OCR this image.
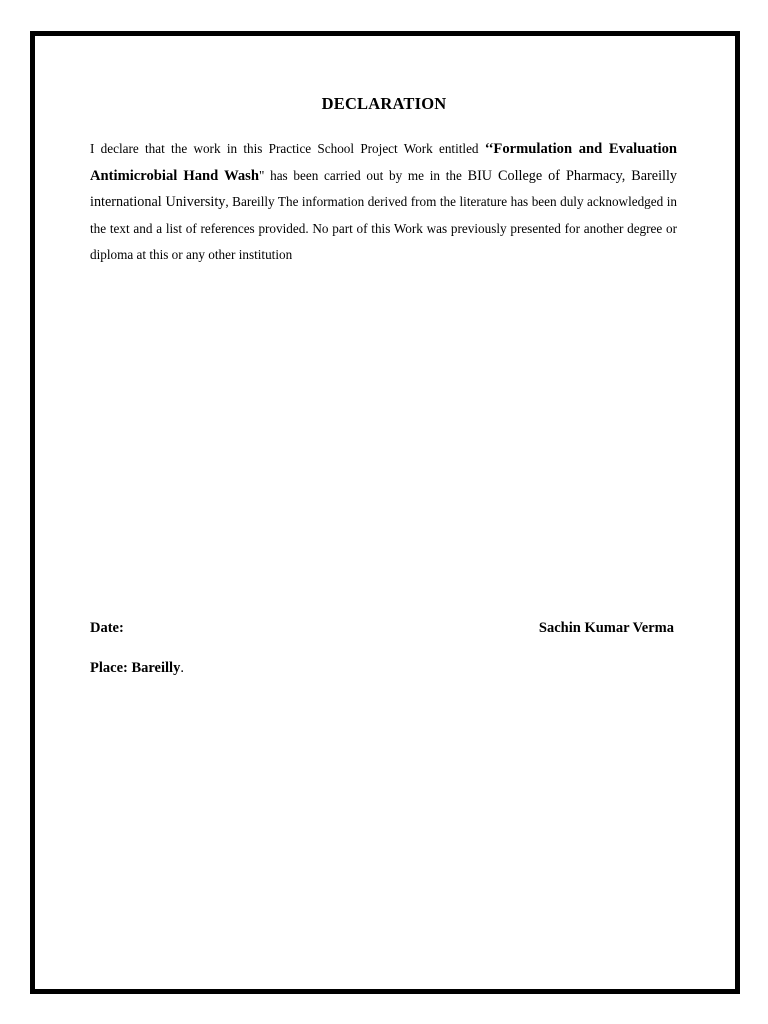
DECLARATION
I declare that the work in this Practice School Project Work entitled ‘‘Formulation and Evaluation Antimicrobial Hand Wash" has been carried out by me in the BIU College of Pharmacy, Bareilly international University, Bareilly The information derived from the literature has been duly acknowledged in the text and a list of references provided. No part of this Work was previously presented for another degree or diploma at this or any other institution
Date:	Sachin Kumar Verma
Place: Bareilly.
